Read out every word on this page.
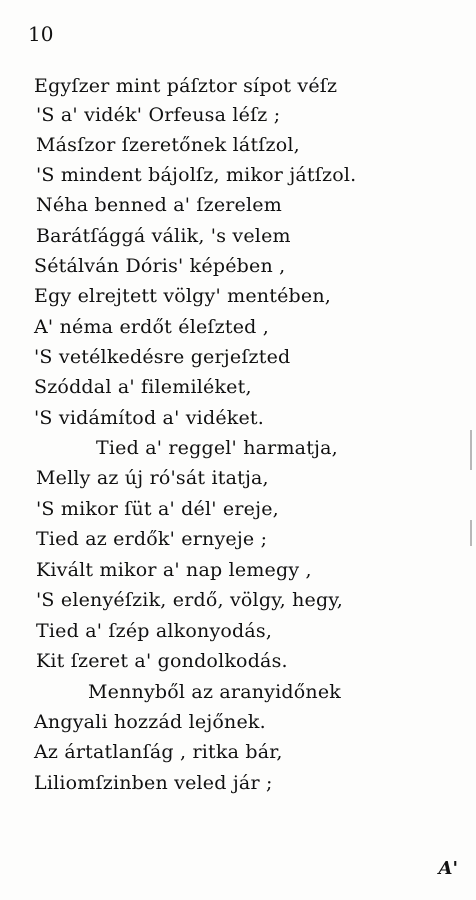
10
Egyſzer mint páſztor sípot véſz
'S a' vidék' Orfeusa léſz ;
Másſzor ſzeretőnek látſzol,
'S mindent bájolſz, mikor játſzol.
Néha benned a' ſzerelem
Barátſággá válik, 's velem
Sétálván Dóris' képében ,
Egy elrejtett völgy' mentében,
A' néma erdőt éleſzted ,
'S vetélkedésre gerjeſzted
Szóddal a' filemiléket,
'S vidámítod a' vidéket.
Tied a' reggel' harmatja,
Melly az új ró'sát itatja,
'S mikor ſüt a' dél' ereje,
Tied az erdők' ernyeje ;
Kivált mikor a' nap lemegy ,
'S elenyéſzik, erdő, völgy, hegy,
Tied a' ſzép alkonyodás,
Kit ſzeret a' gondolkodás.
Mennyből az aranyidőnek
Angyali hozzád lejőnek.
Az ártatlanſág , ritka bár,
Liliomſzinben veled jár ;
A'
